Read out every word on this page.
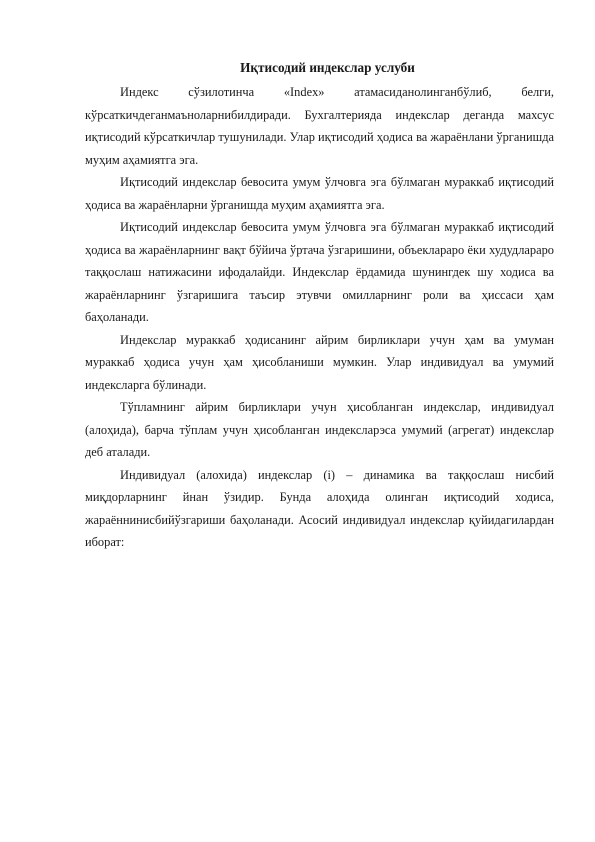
Иқтисодий индекслар услуби

Индекс сўзилотинча «Index» атамасиданолинганбўлиб, белги, кўрсаткичдеганмаъноларнибилдиради. Бухгалтерияда индекслар деганда махсус иқтисодий кўрсаткичлар тушунилади. Улар иқтисодий ҳодиса ва жараёнлани ўрганишда муҳим аҳамиятга эга.

Иқтисодий индекслар бевосита умум ўлчовга эга бўлмаган мураккаб иқтисодий ҳодиса ва жараёнларни ўрганишда муҳим аҳамиятга эга.

Иқтисодий индекслар бевосита умум ўлчовга эга бўлмаган мураккаб иқтисодий ҳодиса ва жараёнларнинг вақт бўйича ўртача ўзгаришини, объекларaро ёки худудлараро таққослаш натижасини ифодалайди. Индекслар ёрдамида шунингдек шу ходиса ва жараёнларнинг ўзгаришига таъсир этувчи омилларнинг роли ва ҳиссаси ҳам баҳоланади.

Индекслар мураккаб ҳодисанинг айрим бирликлари учун ҳам ва умуман мураккаб ҳодиса учун ҳам ҳисобланиши мумкин. Улар индивидуал ва умумий индексларга бўлинади.

Тўпламнинг айрим бирликлари учун ҳисобланган индекслар, индивидуал (алоҳида), барча тўплам учун ҳисобланган индексларэса умумий (агрегат) индекслар деб аталади.

Индивидуал (алохида) индекслар (i) – динамика ва таққослаш нисбий миқдорларнинг йнан ўзидир. Бунда алоҳида олинган иқтисодий ходиса, жараённинисбийўзгариши баҳоланади. Асосий индивидуал индекслар қуйидагилардан иборат:
